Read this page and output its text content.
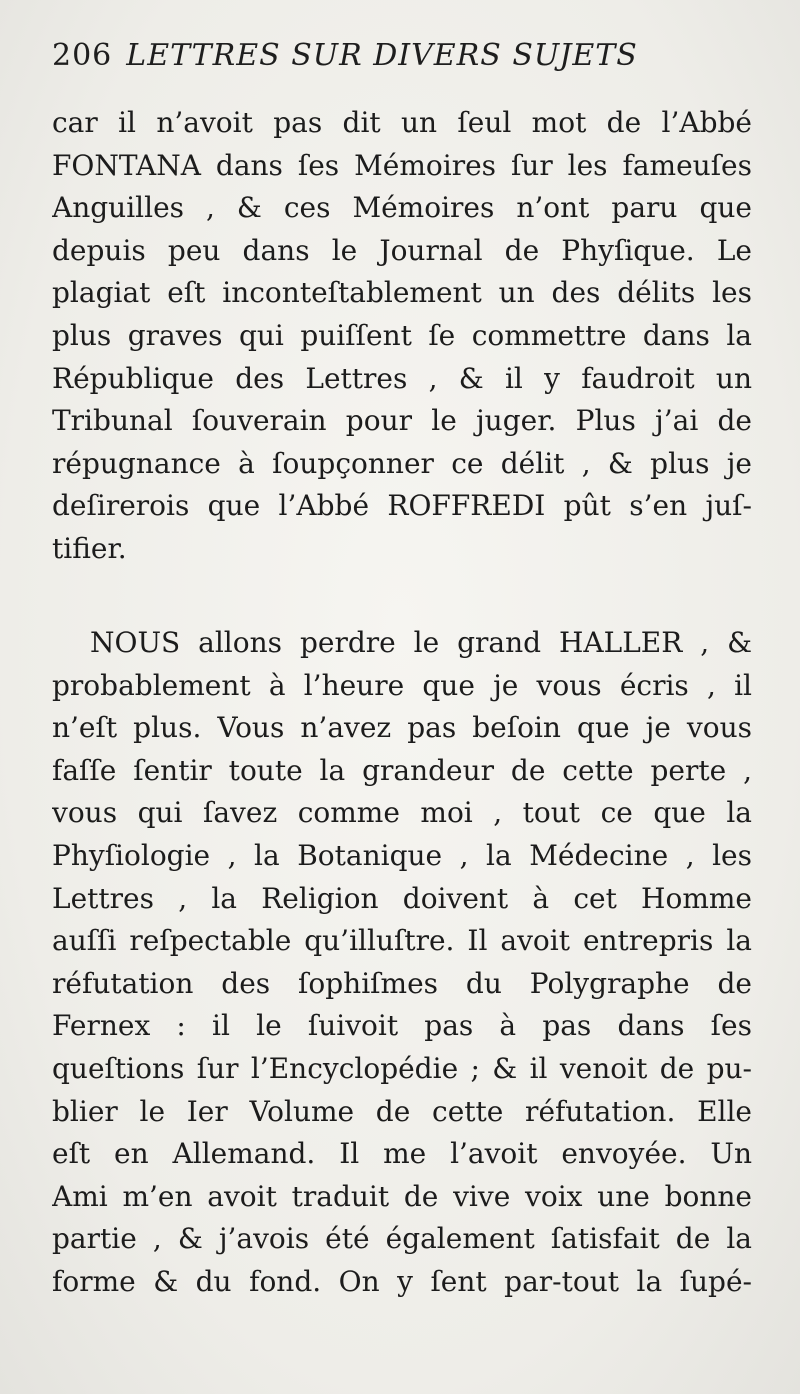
206 LETTRES SUR DIVERS SUJETS
car il n’avoit pas dit un ſeul mot de l’Abbé
FONTANA dans ſes Mémoires ſur les fameuſes
Anguilles , & ces Mémoires n’ont paru que
depuis peu dans le Journal de Phyſique. Le
plagiat eſt inconteſtablement un des délits les
plus graves qui puiſſent ſe commettre dans la
République des Lettres , & il y faudroit un
Tribunal ſouverain pour le juger. Plus j’ai de
répugnance à ſoupçonner ce délit , & plus je
deſirerois que l’Abbé ROFFREDI pût s’en juſ-
tifier.
NOUS allons perdre le grand HALLER , &
probablement à l’heure que je vous écris , il
n’eſt plus. Vous n’avez pas beſoin que je vous
faſſe ſentir toute la grandeur de cette perte ,
vous qui ſavez comme moi , tout ce que la
Phyſiologie , la Botanique , la Médecine , les
Lettres , la Religion doivent à cet Homme
auſſi reſpectable qu’illuſtre. Il avoit entrepris la
réfutation des ſophiſmes du Polygraphe de
Fernex : il le ſuivoit pas à pas dans ſes
queſtions ſur l’Encyclopédie ; & il venoit de pu-
blier le Ier Volume de cette réfutation. Elle
eſt en Allemand. Il me l’avoit envoyée. Un
Ami m’en avoit traduit de vive voix une bonne
partie , & j’avois été également ſatisfait de la
forme & du fond. On y ſent par-tout la ſupé-
